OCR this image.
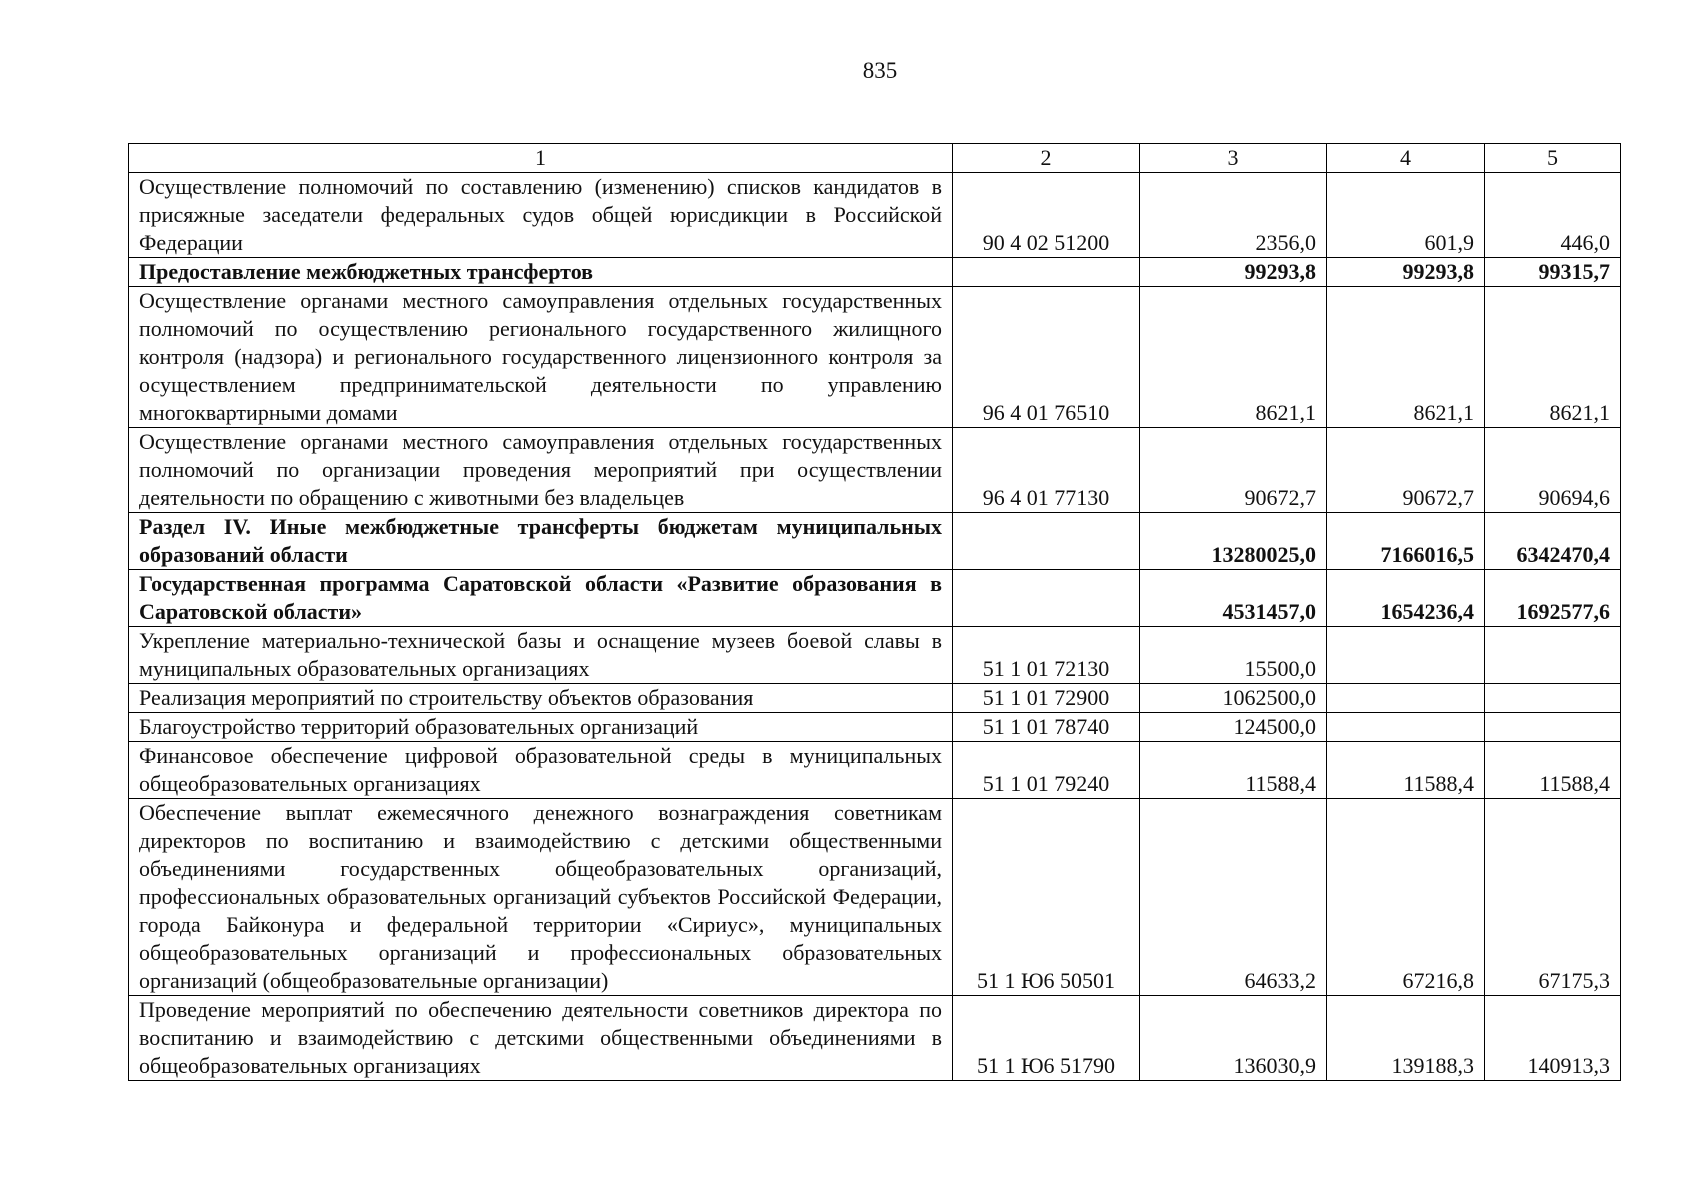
835
1	2	3	4	5
Осуществление полномочий по составлению (изменению) списков кандидатов в присяжные заседатели федеральных судов общей юрисдикции в Российской Федерации	90 4 02 51200	2356,0	601,9	446,0
Предоставление межбюджетных трансфертов		99293,8	99293,8	99315,7
Осуществление органами местного самоуправления отдельных государственных полномочий по осуществлению регионального государственного жилищного контроля (надзора) и регионального государственного лицензионного контроля за осуществлением предпринимательской деятельности по управлению многоквартирными домами	96 4 01 76510	8621,1	8621,1	8621,1
Осуществление органами местного самоуправления отдельных государственных полномочий по организации проведения мероприятий при осуществлении деятельности по обращению с животными без владельцев	96 4 01 77130	90672,7	90672,7	90694,6
Раздел IV. Иные межбюджетные трансферты бюджетам муниципальных образований области		13280025,0	7166016,5	6342470,4
Государственная программа Саратовской области «Развитие образования в Саратовской области»		4531457,0	1654236,4	1692577,6
Укрепление материально-технической базы и оснащение музеев боевой славы в муниципальных образовательных организациях	51 1 01 72130	15500,0		
Реализация мероприятий по строительству объектов образования	51 1 01 72900	1062500,0		
Благоустройство территорий образовательных организаций	51 1 01 78740	124500,0		
Финансовое обеспечение цифровой образовательной среды в муниципальных общеобразовательных организациях	51 1 01 79240	11588,4	11588,4	11588,4
Обеспечение выплат ежемесячного денежного вознаграждения советникам директоров по воспитанию и взаимодействию с детскими общественными объединениями государственных общеобразовательных организаций, профессиональных образовательных организаций субъектов Российской Федерации, города Байконура и федеральной территории «Сириус», муниципальных общеобразовательных организаций и профессиональных образовательных организаций (общеобразовательные организации)	51 1 Ю6 50501	64633,2	67216,8	67175,3
Проведение мероприятий по обеспечению деятельности советников директора по воспитанию и взаимодействию с детскими общественными объединениями в общеобразовательных организациях	51 1 Ю6 51790	136030,9	139188,3	140913,3
